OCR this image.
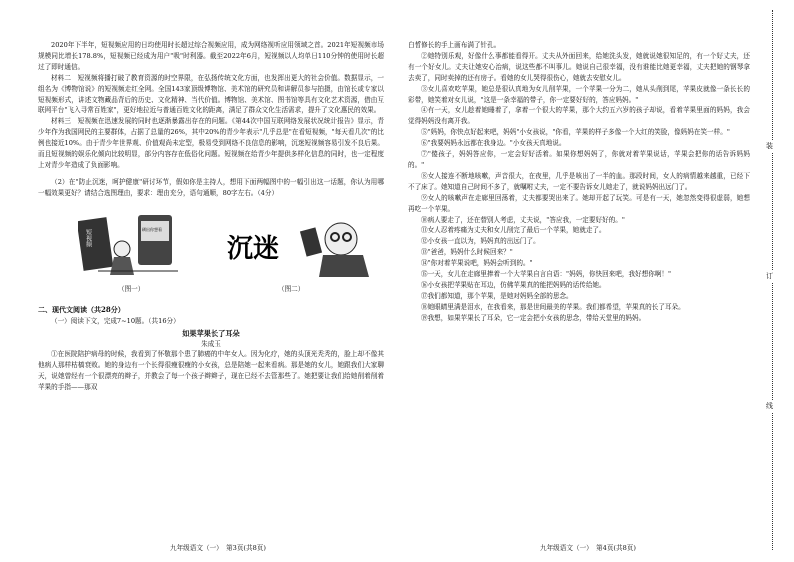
2020年下半年，短视频应用的日均使用时长超过综合视频应用，成为网络视听应用领域之首。2021年短视频市场规模同比增长178.8%，短视频已经成为用户"吸"时利器。截至2022年6月，短视频以人均单日110分钟的使用时长超过了即时通信。

材料二　短视频将播打破了教育资源的时空界限，在弘扬传统文化方面，也发挥出更大的社会价值。数据显示，一组名为《博物馆说》的短视频走红全网。全国143家顶级博物馆、美术馆的研究员和讲解员参与拍摄，由馆长或专家以短视频形式，讲述文物藏品背后的历史、文化精神、当代价值。博物馆、美术馆、图书馆等具有文化艺术资源，借由互联网平台"飞入寻常百姓家"，更好地拉近与普通百姓文化的距离，满足了群众文化生活需求，提升了文化惠民的效果。

材料三　短视频在迅速发展的同时也逐渐暴露出存在的问题。《第44次中国互联网络发展状况统计报告》显示，青少年作为我国网民的主要群体，占据了总量的26%，其中20%的青少年表示"几乎总是"在看短视频，"每天看几次"的比例也接近10%。由于青少年世界观、价值观尚未定型，极易受到网络不良信息的影响，沉迷短视频容易引发不良后果。而且短视频的娱乐化倾向比较明显，部分内容存在低俗化问题。短视频在给青少年提供多样化信息的同时，也一定程度上对青少年造成了负面影响。

（2）在"防止沉迷，呵护健康"研讨环节，假如你是主持人，想用下面两幅图中的一幅引出这一话题，你认为用哪一幅效果更好？请结合选图理由，要求：理由充分，语句通顺，80字左右。（4分）

短视频	刷出你想看
沉迷
（图一）	（图二）

二、现代文阅读（共28分）

（一）阅读下文，完成7~10题。（共16分）

如果苹果长了耳朵

朱成玉

①在医院陪护病母的时候，我看到了怀敬那个患了肺癌的中年女人。因为化疗，她的头顶光秃秃的，脸上却不像其他病人那样枯槁衰败。她的身边有一个长得很瘦很瘦的小女孩，总是陪她一起来看病。那是她的女儿，她跟我们大家聊天，说她曾经有一个很漂亮的辫子，并教会了每一个孩子辫辫子，现在已经不去管那些了。她把要让我们给她削着削着苹果的手指——那双

九年级语文（一）　第3页(共8页)

白皙修长的手上画布满了针孔。

②她特别乐观，好像什么事都能看得开。丈夫从外面回来，给她洗头发，她就说她很知足的，有一个好丈夫，还有一个好女儿。丈夫让她安心治病，说这些都不叫事儿。她说自己很幸福，没有谁能比她更幸福，丈夫把她的钢琴拿去卖了，同时卖掉的还有房子。看她的女儿哭得很伤心，她就去安慰女儿。

③女儿喜欢吃苹果，她总是很认真地为女儿削苹果，一个苹果一分为二，她从头削到尾，苹果皮就像一条长长的彩带，她笑着对女儿说，"这是一条幸福的带子，你一定要好好的，答应妈妈。"

④有一天，女儿趁着她睡着了，拿着一个很大的苹果，那个大约五六岁的孩子却说，看着苹果里面的妈妈，我会觉得妈妈没有离开我。

⑤"妈妈，你快点好起来吧，妈妈"小女孩说，"你看，苹果的样子多像一个大红的笑脸，像妈妈在笑一样。"

⑥"我要妈妈永远都在我身边。"小女孩天真地说。

⑦"傻孩子，妈妈答应你，一定会好好活着。如果你想妈妈了，你就对着苹果说话，苹果会把你的话告诉妈妈的。"

⑧女人接连不断地咳嗽，声音很大，在夜里，几乎是咳出了一半的血。那段时间，女人的病情越来越重，已经下不了床了。她知道自己时间不多了，就嘱咐丈夫，一定不要告诉女儿她走了，就说妈妈出远门了。

⑨女人的咳嗽声在走廊里回荡着，丈夫都要哭出来了。她却开起了玩笑。可是有一天，她忽然变得很虚弱，她想再吃一个苹果。

⑩病人要走了，还在替别人考虑，丈夫说，"答应我，一定要好好的。"

⑪女人忍着疼痛为丈夫和女儿削完了最后一个苹果，她就走了。

⑫小女孩一直以为，妈妈真的出远门了。

⑬"爸爸，妈妈什么时候回来？"

⑭"你对着苹果说吧，妈妈会听到的。"

⑮一天，女儿在走廊里捧着一个大苹果自言自语："妈妈，你快回来吧，我好想你啊！"

⑯小女孩把苹果贴在耳边，仿佛苹果真的能把妈妈的话传给她。

⑰我们都知道，那个苹果，是她对妈妈全部的思念。

⑱她眼睛里满是泪水，在我看来，那是世间最美的苹果。我们都希望，苹果真的长了耳朵。

⑲我想，如果苹果长了耳朵，它一定会把小女孩的思念，带给天堂里的妈妈。

九年级语文（一）　第4页(共8页)
装
订
线
